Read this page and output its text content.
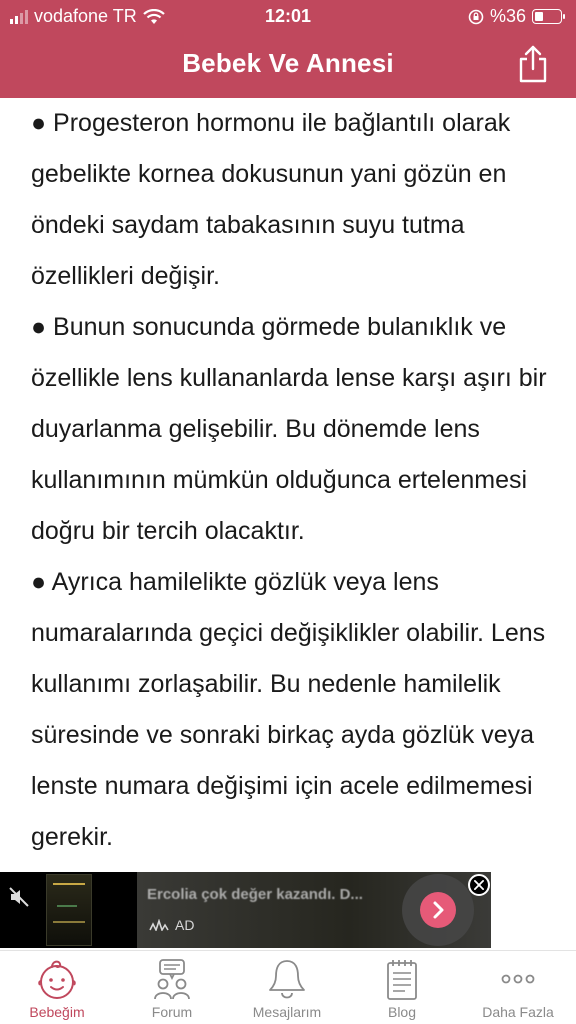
vodafone TR	12:01	%36
Bebek Ve Annesi

● Progesteron hormonu ile bağlantılı olarak gebelikte kornea dokusunun yani gözün en öndeki saydam tabakasının suyu tutma özellikleri değişir.

● Bunun sonucunda görmede bulanıklık ve özellikle lens kullananlarda lense karşı aşırı bir duyarlanma gelişebilir. Bu dönemde lens kullanımının mümkün olduğunca ertelenmesi doğru bir tercih olacaktır.

● Ayrıca hamilelikte gözlük veya lens numaralarında geçici değişiklikler olabilir. Lens kullanımı zorlaşabilir. Bu nedenle hamilelik süresinde ve sonraki birkaç ayda gözlük veya lenste numara değişimi için acele edilmemesi gerekir.

Ercolia çok değer kazandı. D...
AD
Bebeğim	Forum	Mesajlarım	Blog	Daha Fazla
